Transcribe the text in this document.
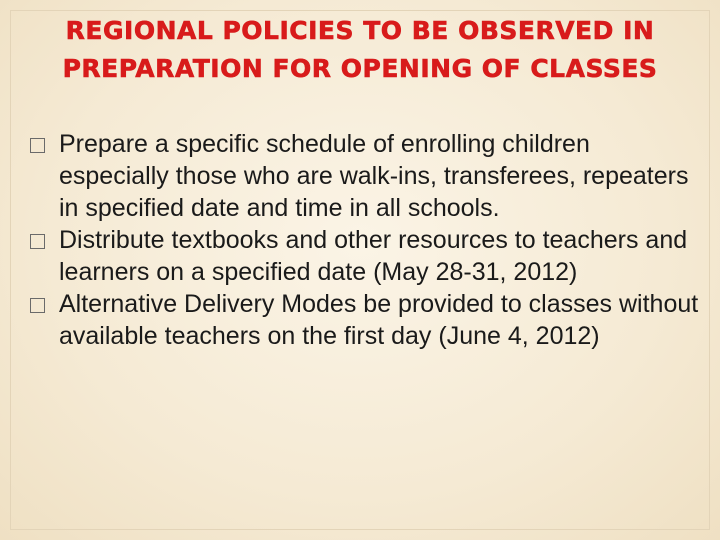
REGIONAL POLICIES TO BE OBSERVED IN
PREPARATION FOR OPENING OF CLASSES

Prepare a specific schedule of enrolling children especially those who are walk-ins, transferees, repeaters in specified date and time in all schools.

Distribute textbooks and other resources to teachers and learners on a specified date (May 28-31, 2012)

Alternative Delivery Modes be provided to classes without available teachers on the first day (June 4, 2012)
